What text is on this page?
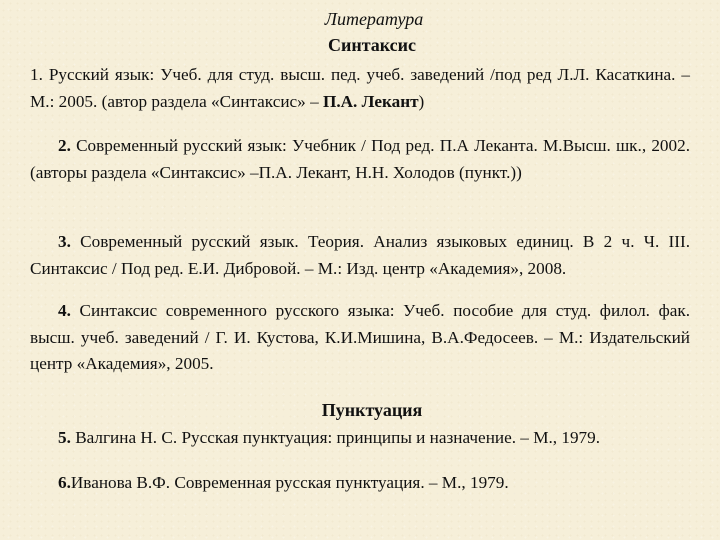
Литература
Синтаксис
1. Русский язык: Учеб. для студ. высш. пед. учеб. заведений /под ред Л.Л. Касаткина. – М.: 2005. (автор раздела «Синтаксис» – П.А. Лекант)
2. Современный русский язык: Учебник / Под ред. П.А Леканта. М.Высш. шк., 2002. (авторы раздела «Синтаксис» –П.А. Лекант, Н.Н. Холодов (пункт.))
3. Современный русский язык. Теория. Анализ языковых единиц. В 2 ч. Ч. III. Синтаксис / Под ред. Е.И. Дибровой. – М.: Изд. центр «Академия», 2008.
4. Синтаксис современного русского языка: Учеб. пособие для студ. филол. фак. высш. учеб. заведений / Г. И. Кустова, К.И.Мишина, В.А.Федосеев. – М.: Издательский центр «Академия», 2005.
Пунктуация
5. Валгина Н. С. Русская пунктуация: принципы и назначение. – М., 1979.
6.Иванова В.Ф. Современная русская пунктуация. – М., 1979.
